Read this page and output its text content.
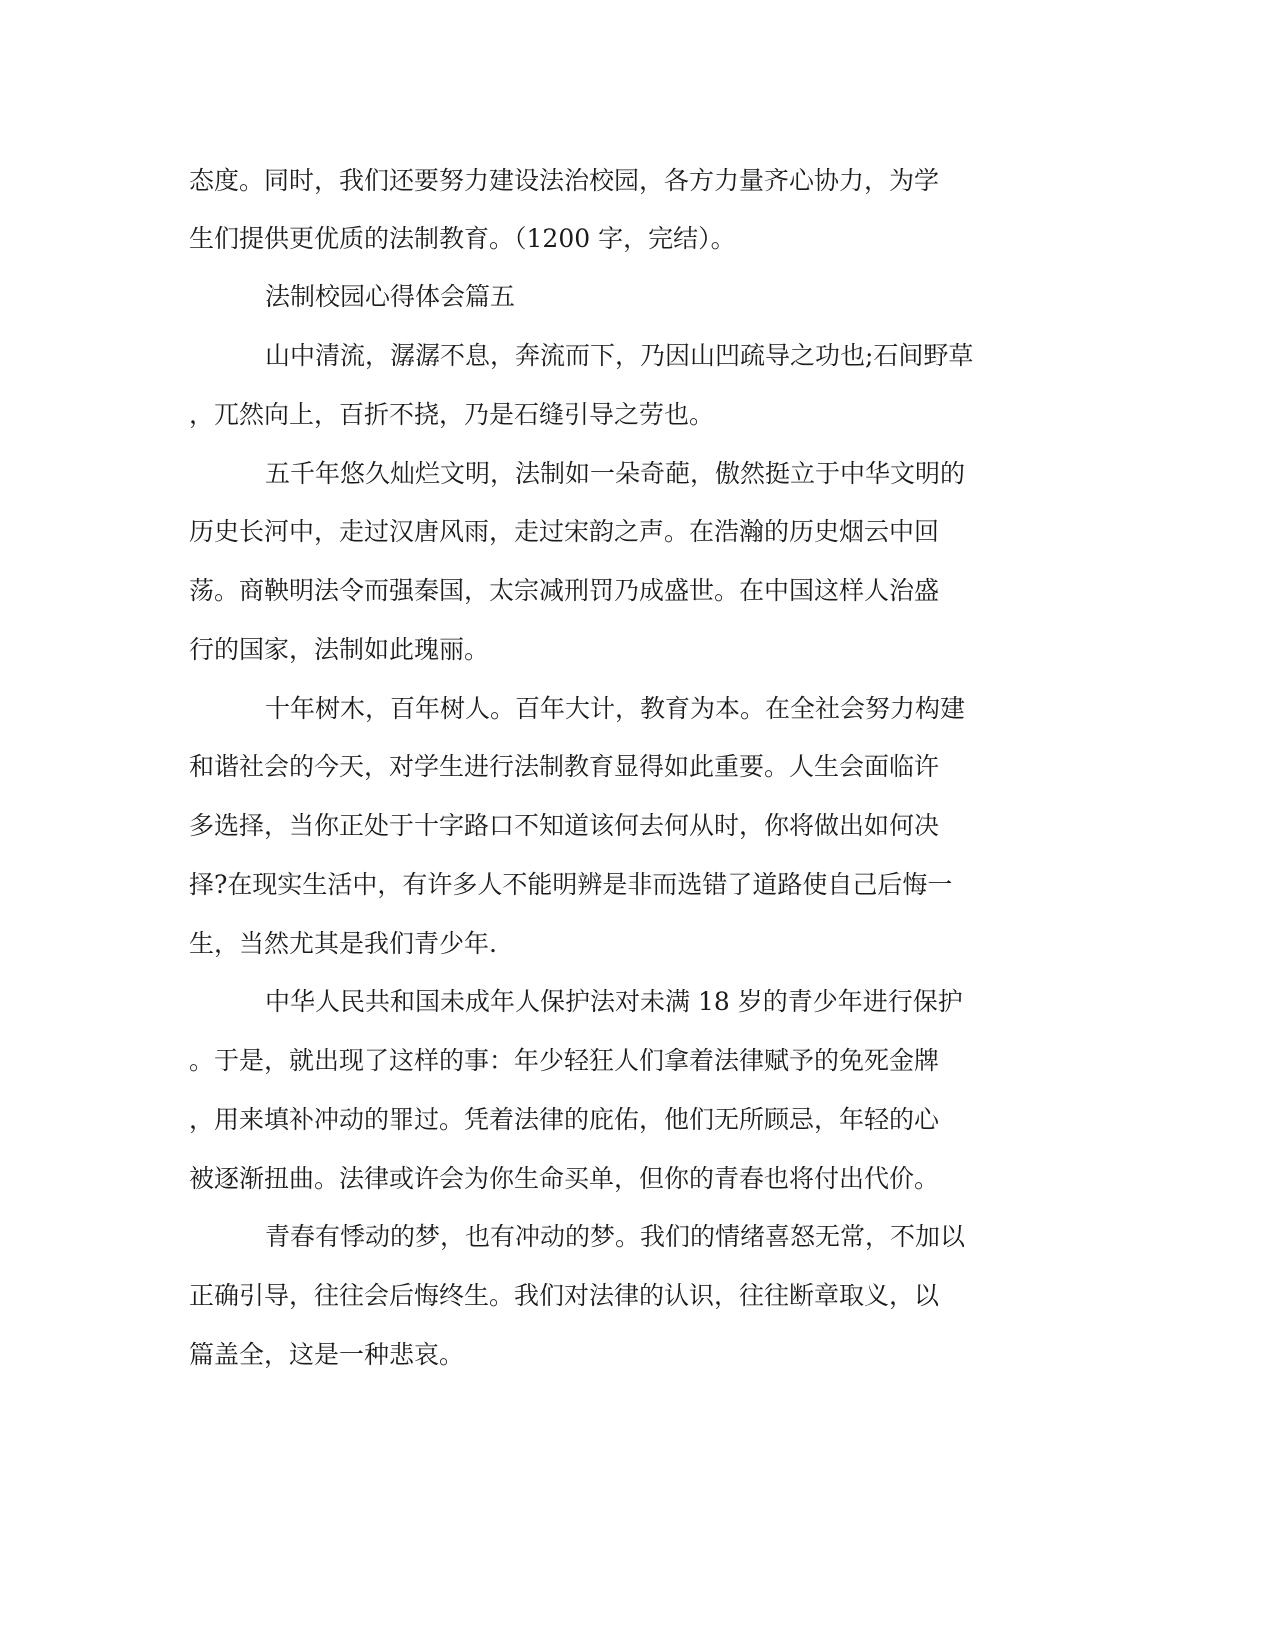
态度。同时，我们还要努力建设法治校园，各方力量齐心协力，为学
生们提供更优质的法制教育。（1200 字，完结）。
法制校园心得体会篇五
山中清流，潺潺不息，奔流而下，乃因山凹疏导之功也;石间野草
，兀然向上，百折不挠，乃是石缝引导之劳也。
五千年悠久灿烂文明，法制如一朵奇葩，傲然挺立于中华文明的
历史长河中，走过汉唐风雨，走过宋韵之声。在浩瀚的历史烟云中回
荡。商鞅明法令而强秦国，太宗减刑罚乃成盛世。在中国这样人治盛
行的国家，法制如此瑰丽。
十年树木，百年树人。百年大计，教育为本。在全社会努力构建
和谐社会的今天，对学生进行法制教育显得如此重要。人生会面临许
多选择，当你正处于十字路口不知道该何去何从时，你将做出如何决
择?在现实生活中，有许多人不能明辨是非而选错了道路使自己后悔一
生，当然尤其是我们青少年.
中华人民共和国未成年人保护法对未满 18 岁的青少年进行保护
。于是，就出现了这样的事：年少轻狂人们拿着法律赋予的免死金牌
，用来填补冲动的罪过。凭着法律的庇佑，他们无所顾忌，年轻的心
被逐渐扭曲。法律或许会为你生命买单，但你的青春也将付出代价。
青春有悸动的梦，也有冲动的梦。我们的情绪喜怒无常，不加以
正确引导，往往会后悔终生。我们对法律的认识，往往断章取义，以
篇盖全，这是一种悲哀。
